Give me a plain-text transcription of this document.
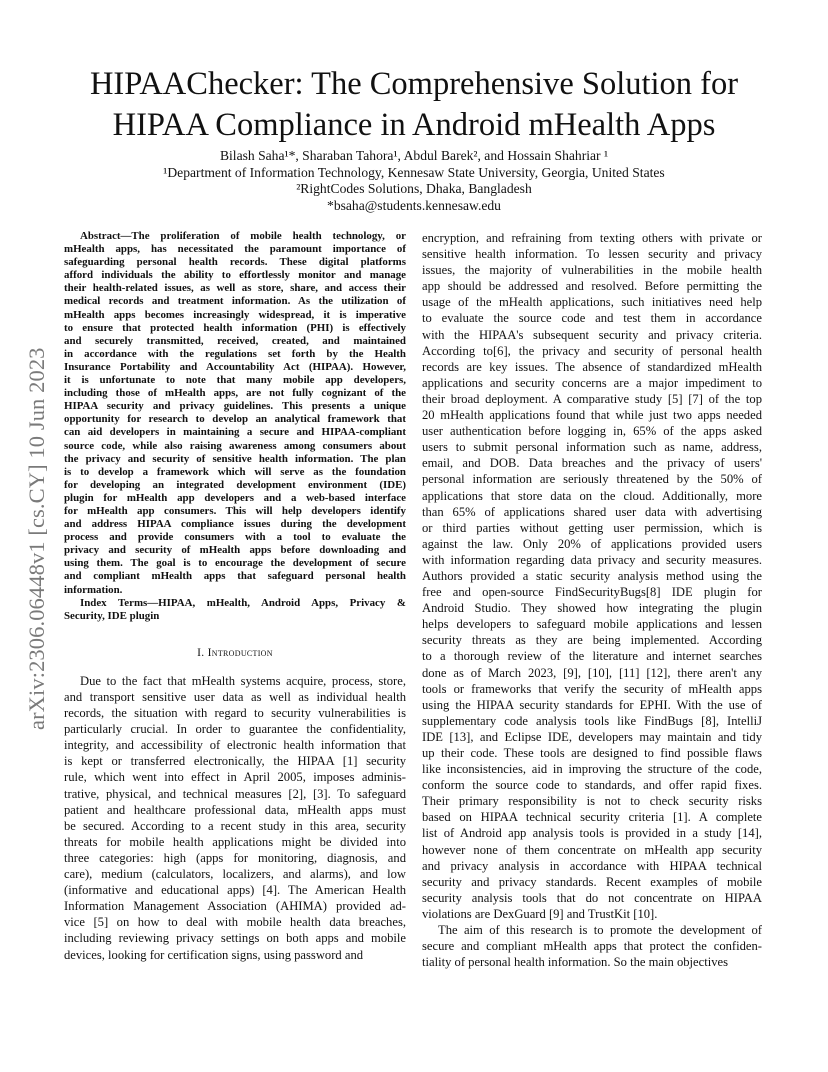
HIPAAChecker: The Comprehensive Solution for
HIPAA Compliance in Android mHealth Apps
Bilash Saha¹*, Sharaban Tahora¹, Abdul Barek², and Hossain Shahriar ¹
¹Department of Information Technology, Kennesaw State University, Georgia, United States
²RightCodes Solutions, Dhaka, Bangladesh
*bsaha@students.kennesaw.edu
arXiv:2306.06448v1 [cs.CY] 10 Jun 2023
Abstract—The proliferation of mobile health technology, or
mHealth apps, has necessitated the paramount importance of
safeguarding personal health records. These digital platforms
afford individuals the ability to effortlessly monitor and manage
their health-related issues, as well as store, share, and access their
medical records and treatment information. As the utilization of
mHealth apps becomes increasingly widespread, it is imperative
to ensure that protected health information (PHI) is effectively
and securely transmitted, received, created, and maintained
in accordance with the regulations set forth by the Health
Insurance Portability and Accountability Act (HIPAA). However,
it is unfortunate to note that many mobile app developers,
including those of mHealth apps, are not fully cognizant of the
HIPAA security and privacy guidelines. This presents a unique
opportunity for research to develop an analytical framework that
can aid developers in maintaining a secure and HIPAA-compliant
source code, while also raising awareness among consumers about
the privacy and security of sensitive health information. The plan
is to develop a framework which will serve as the foundation
for developing an integrated development environment (IDE)
plugin for mHealth app developers and a web-based interface
for mHealth app consumers. This will help developers identify
and address HIPAA compliance issues during the development
process and provide consumers with a tool to evaluate the
privacy and security of mHealth apps before downloading and
using them. The goal is to encourage the development of secure
and compliant mHealth apps that safeguard personal health
information.
Index Terms—HIPAA, mHealth, Android Apps, Privacy &
Security, IDE plugin
I. Introduction
Due to the fact that mHealth systems acquire, process, store,
and transport sensitive user data as well as individual health
records, the situation with regard to security vulnerabilities is
particularly crucial. In order to guarantee the confidentiality,
integrity, and accessibility of electronic health information that
is kept or transferred electronically, the HIPAA [1] security
rule, which went into effect in April 2005, imposes adminis-
trative, physical, and technical measures [2], [3]. To safeguard
patient and healthcare professional data, mHealth apps must
be secured. According to a recent study in this area, security
threats for mobile health applications might be divided into
three categories: high (apps for monitoring, diagnosis, and
care), medium (calculators, localizers, and alarms), and low
(informative and educational apps) [4]. The American Health
Information Management Association (AHIMA) provided ad-
vice [5] on how to deal with mobile health data breaches,
including reviewing privacy settings on both apps and mobile
devices, looking for certification signs, using password and
encryption, and refraining from texting others with private or
sensitive health information. To lessen security and privacy
issues, the majority of vulnerabilities in the mobile health
app should be addressed and resolved. Before permitting the
usage of the mHealth applications, such initiatives need help
to evaluate the source code and test them in accordance
with the HIPAA's subsequent security and privacy criteria.
According to[6], the privacy and security of personal health
records are key issues. The absence of standardized mHealth
applications and security concerns are a major impediment to
their broad deployment. A comparative study [5] [7] of the top
20 mHealth applications found that while just two apps needed
user authentication before logging in, 65% of the apps asked
users to submit personal information such as name, address,
email, and DOB. Data breaches and the privacy of users'
personal information are seriously threatened by the 50% of
applications that store data on the cloud. Additionally, more
than 65% of applications shared user data with advertising
or third parties without getting user permission, which is
against the law. Only 20% of applications provided users
with information regarding data privacy and security measures.
Authors provided a static security analysis method using the
free and open-source FindSecurityBugs[8] IDE plugin for
Android Studio. They showed how integrating the plugin
helps developers to safeguard mobile applications and lessen
security threats as they are being implemented. According
to a thorough review of the literature and internet searches
done as of March 2023, [9], [10], [11] [12], there aren't any
tools or frameworks that verify the security of mHealth apps
using the HIPAA security standards for EPHI. With the use of
supplementary code analysis tools like FindBugs [8], IntelliJ
IDE [13], and Eclipse IDE, developers may maintain and tidy
up their code. These tools are designed to find possible flaws
like inconsistencies, aid in improving the structure of the code,
conform the source code to standards, and offer rapid fixes.
Their primary responsibility is not to check security risks
based on HIPAA technical security criteria [1]. A complete
list of Android app analysis tools is provided in a study [14],
however none of them concentrate on mHealth app security
and privacy analysis in accordance with HIPAA technical
security and privacy standards. Recent examples of mobile
security analysis tools that do not concentrate on HIPAA
violations are DexGuard [9] and TrustKit [10].
The aim of this research is to promote the development of
secure and compliant mHealth apps that protect the confiden-
tiality of personal health information. So the main objectives
